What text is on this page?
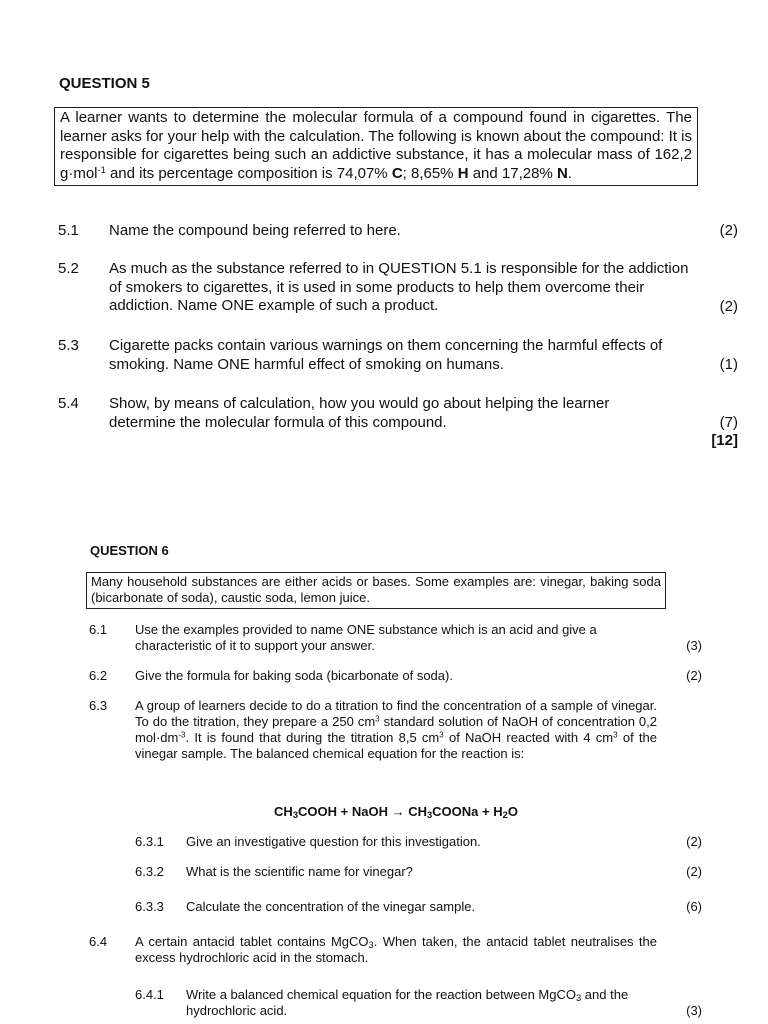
QUESTION 5
A learner wants to determine the molecular formula of a compound found in cigarettes. The learner asks for your help with the calculation. The following is known about the compound: It is responsible for cigarettes being such an addictive substance, it has a molecular mass of 162,2 g·mol$^{-1}$ and its percentage composition is 74,07% C; 8,65% H and 17,28% N.
5.1 Name the compound being referred to here.	(2)
5.2 As much as the substance referred to in QUESTION 5.1 is responsible for the addiction of smokers to cigarettes, it is used in some products to help them overcome their addiction. Name ONE example of such a product.	(2)
5.3 Cigarette packs contain various warnings on them concerning the harmful effects of smoking. Name ONE harmful effect of smoking on humans.	(1)
5.4 Show, by means of calculation, how you would go about helping the learner determine the molecular formula of this compound.	(7)
[12]
QUESTION 6
Many household substances are either acids or bases. Some examples are: vinegar, baking soda (bicarbonate of soda), caustic soda, lemon juice.
6.1 Use the examples provided to name ONE substance which is an acid and give a characteristic of it to support your answer.	(3)
6.2 Give the formula for baking soda (bicarbonate of soda).	(2)
6.3 A group of learners decide to do a titration to find the concentration of a sample of vinegar. To do the titration, they prepare a 250 $cm^3$ standard solution of NaOH of concentration 0,2 $mol\cdot dm^{-3}$. It is found that during the titration 8,5 $cm^3$ of NaOH reacted with 4 $cm^3$ of the vinegar sample. The balanced chemical equation for the reaction is:
$CH_3COOH$ + NaOH → $CH_3COONa + H_2O$
6.3.1 Give an investigative question for this investigation.	(2)
6.3.2 What is the scientific name for vinegar?	(2)
6.3.3 Calculate the concentration of the vinegar sample.	(6)
6.4 A certain antacid tablet contains MgCO$_3$. When taken, the antacid tablet neutralises the excess hydrochloric acid in the stomach.
6.4.1 Write a balanced chemical equation for the reaction between MgCO$_3$ and the hydrochloric acid.	(3)
